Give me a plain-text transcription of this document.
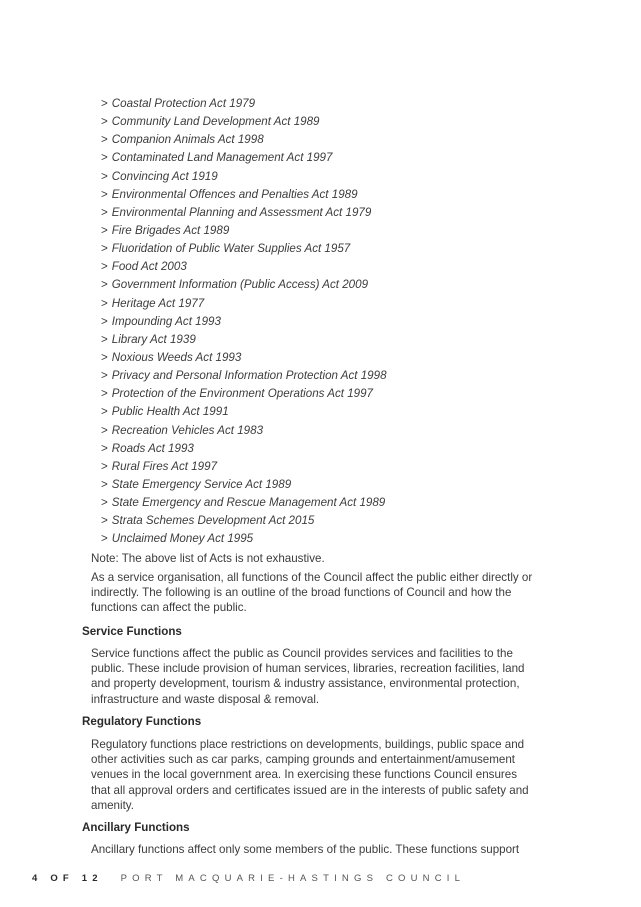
> Coastal Protection Act 1979
> Community Land Development Act 1989
> Companion Animals Act 1998
> Contaminated Land Management Act 1997
> Convincing Act 1919
> Environmental Offences and Penalties Act 1989
> Environmental Planning and Assessment Act 1979
> Fire Brigades Act 1989
> Fluoridation of Public Water Supplies Act 1957
> Food Act 2003
> Government Information (Public Access) Act 2009
> Heritage Act 1977
> Impounding Act 1993
> Library Act 1939
> Noxious Weeds Act 1993
> Privacy and Personal Information Protection Act 1998
> Protection of the Environment Operations Act 1997
> Public Health Act 1991
> Recreation Vehicles Act 1983
> Roads Act 1993
> Rural Fires Act 1997
> State Emergency Service Act 1989
> State Emergency and Rescue Management Act 1989
> Strata Schemes Development Act 2015
> Unclaimed Money Act 1995

Note: The above list of Acts is not exhaustive.

As a service organisation, all functions of the Council affect the public either directly or indirectly. The following is an outline of the broad functions of Council and how the functions can affect the public.

Service Functions

Service functions affect the public as Council provides services and facilities to the public. These include provision of human services, libraries, recreation facilities, land and property development, tourism & industry assistance, environmental protection, infrastructure and waste disposal & removal.

Regulatory Functions

Regulatory functions place restrictions on developments, buildings, public space and other activities such as car parks, camping grounds and entertainment/amusement venues in the local government area. In exercising these functions Council ensures that all approval orders and certificates issued are in the interests of public safety and amenity.

Ancillary Functions

Ancillary functions affect only some members of the public. These functions support

4 OF 12 PORT MACQUARIE-HASTINGS COUNCIL
